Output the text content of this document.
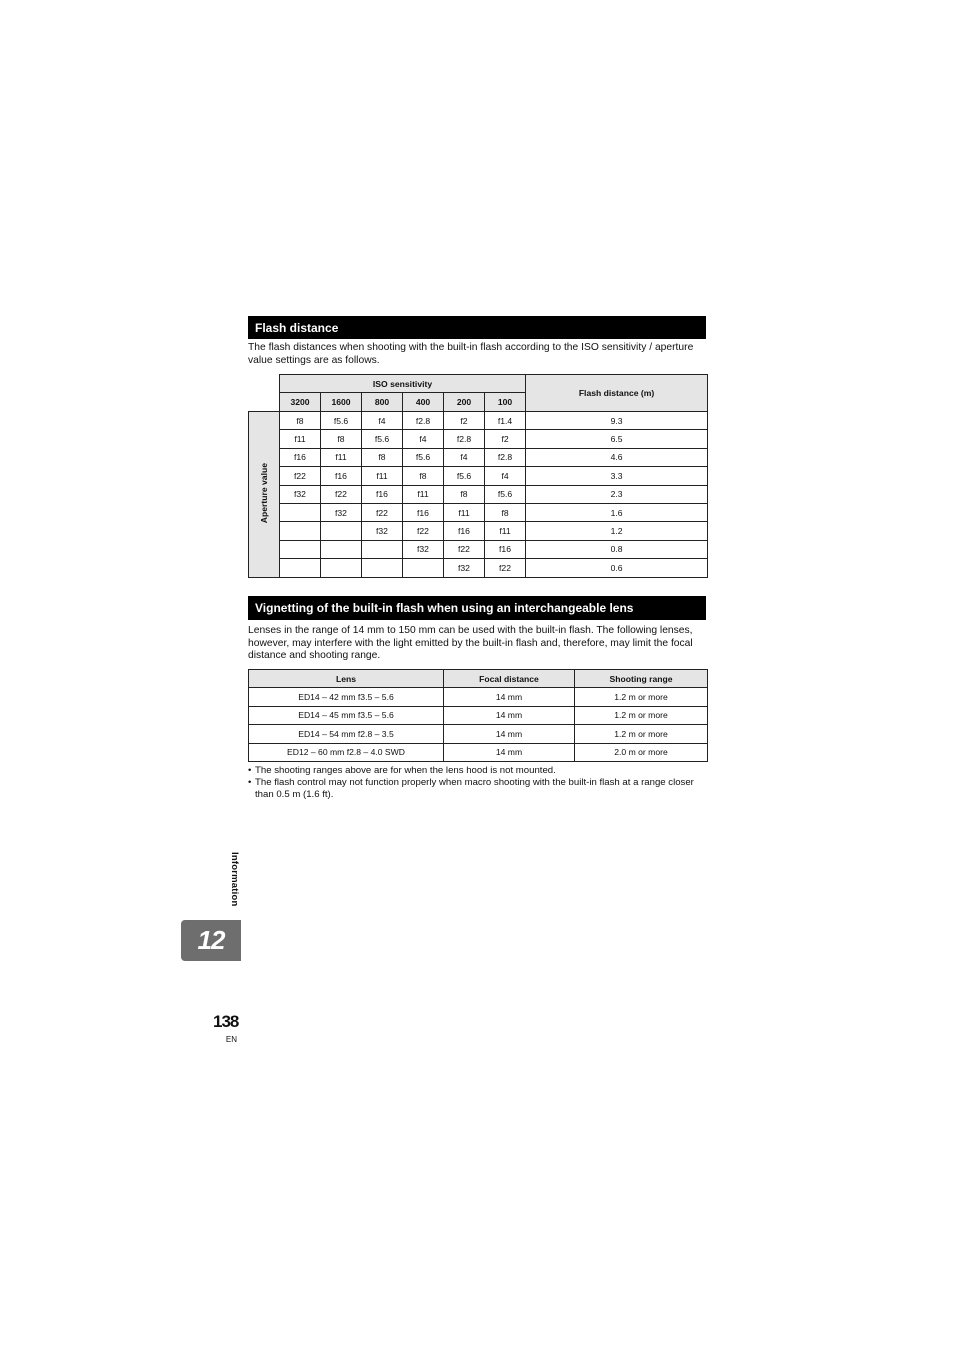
Flash distance

The flash distances when shooting with the built-in flash according to the ISO sensitivity / aperture value settings are as follows.

	ISO sensitivity						Flash distance (m)
	3200	1600	800	400	200	100	
Aperture value	f8	f5.6	f4	f2.8	f2	f1.4	9.3
	f11	f8	f5.6	f4	f2.8	f2	6.5
	f16	f11	f8	f5.6	f4	f2.8	4.6
	f22	f16	f11	f8	f5.6	f4	3.3
	f32	f22	f16	f11	f8	f5.6	2.3
		f32	f22	f16	f11	f8	1.6
			f32	f22	f16	f11	1.2
				f32	f22	f16	0.8
					f32	f22	0.6
Vignetting of the built-in flash when using an interchangeable lens

Lenses in the range of 14 mm to 150 mm can be used with the built-in flash. The following lenses, however, may interfere with the light emitted by the built-in flash and, therefore, may limit the focal distance and shooting range.

Lens	Focal distance	Shooting range
ED14 – 42 mm f3.5 – 5.6	14 mm	1.2 m or more
ED14 – 45 mm f3.5 – 5.6	14 mm	1.2 m or more
ED14 – 54 mm f2.8 – 3.5	14 mm	1.2 m or more
ED12 – 60 mm f2.8 – 4.0 SWD	14 mm	2.0 m or more
• The shooting ranges above are for when the lens hood is not mounted.
• The flash control may not function properly when macro shooting with the built-in flash at a range closer than 0.5 m (1.6 ft).
Information
12
138
EN
